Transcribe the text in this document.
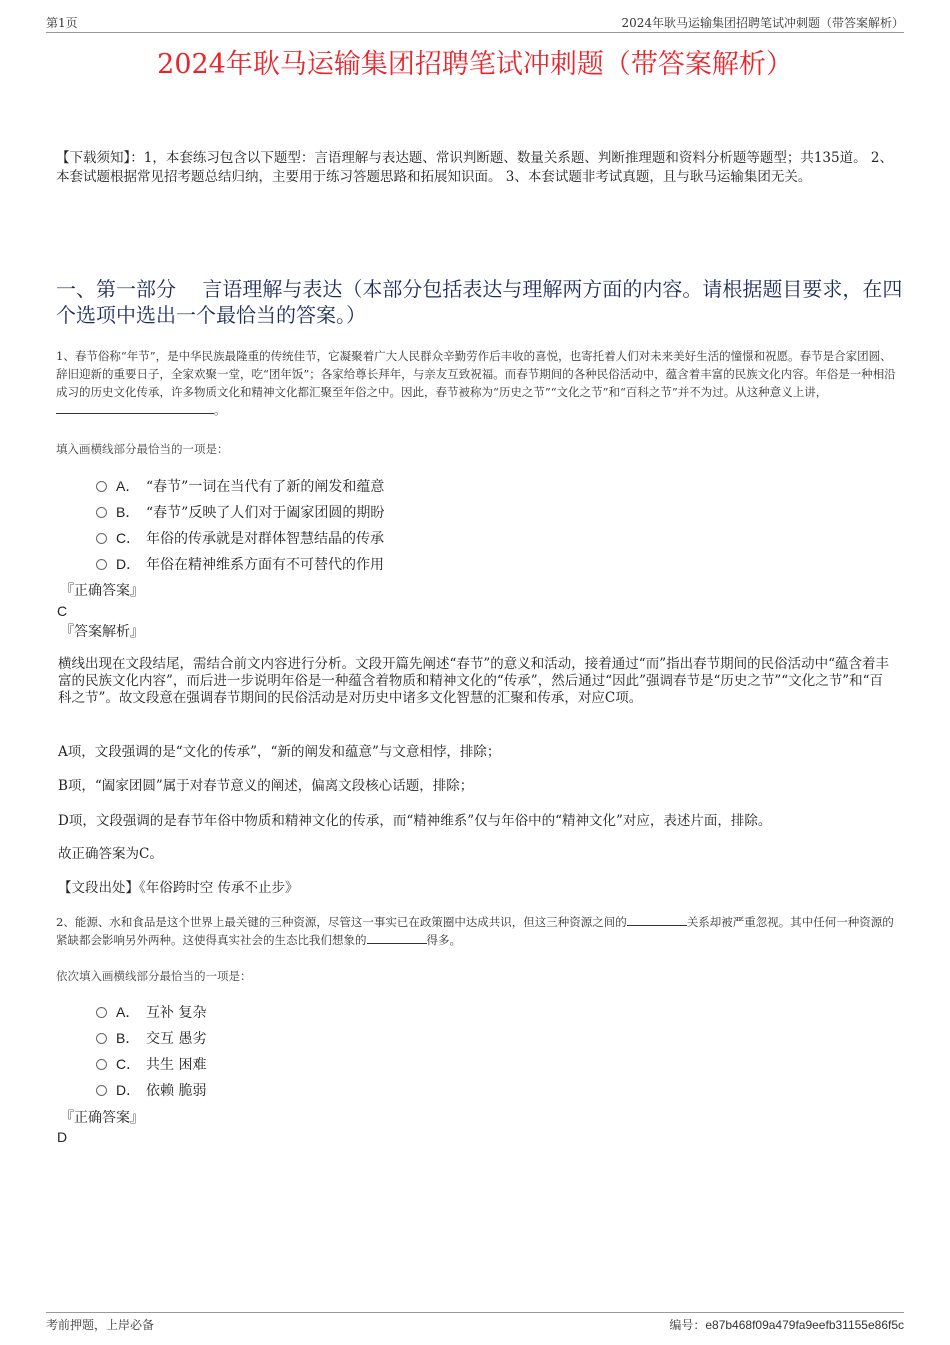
第1页	2024年耿马运输集团招聘笔试冲刺题（带答案解析）
2024年耿马运输集团招聘笔试冲刺题（带答案解析）
【下载须知】：1，本套练习包含以下题型：言语理解与表达题、常识判断题、数量关系题、判断推理题和资料分析题等题型；共135道。 2、本套试题根据常见招考题总结归纳，主要用于练习答题思路和拓展知识面。 3、本套试题非考试真题，且与耿马运输集团无关。
一、第一部分　 言语理解与表达（本部分包括表达与理解两方面的内容。请根据题目要求，在四个选项中选出一个最恰当的答案。）
1、春节俗称“年节”，是中华民族最隆重的传统佳节，它凝聚着广大人民群众辛勤劳作后丰收的喜悦，也寄托着人们对未来美好生活的憧憬和祝愿。春节是合家团圆、辞旧迎新的重要日子，全家欢聚一堂，吃“团年饭”；各家给尊长拜年，与亲友互致祝福。而春节期间的各种民俗活动中，蕴含着丰富的民族文化内容。年俗是一种相沿成习的历史文化传承，许多物质文化和精神文化都汇聚至年俗之中。因此，春节被称为“历史之节”“文化之节”和“百科之节”并不为过。从这种意义上讲，。
填入画横线部分最恰当的一项是：
A． “春节”一词在当代有了新的阐发和蕴意
B． “春节”反映了人们对于阖家团圆的期盼
C． 年俗的传承就是对群体智慧结晶的传承
D． 年俗在精神维系方面有不可替代的作用
『正确答案』
C
『答案解析』
横线出现在文段结尾，需结合前文内容进行分析。文段开篇先阐述“春节”的意义和活动，接着通过“而”指出春节期间的民俗活动中“蕴含着丰富的民族文化内容”，而后进一步说明年俗是一种蕴含着物质和精神文化的“传承”，然后通过“因此”强调春节是“历史之节”“文化之节”和“百科之节”。故文段意在强调春节期间的民俗活动是对历史中诸多文化智慧的汇聚和传承，对应C项。
A项，文段强调的是“文化的传承”，“新的阐发和蕴意”与文意相悖，排除；
B项，“阖家团圆”属于对春节意义的阐述，偏离文段核心话题，排除；
D项，文段强调的是春节年俗中物质和精神文化的传承，而“精神维系”仅与年俗中的“精神文化”对应，表述片面，排除。
故正确答案为C。
【文段出处】《年俗跨时空 传承不止步》
2、能源、水和食品是这个世界上最关键的三种资源，尽管这一事实已在政策圈中达成共识，但这三种资源之间的	关系却被严重忽视。其中任何一种资源的紧缺都会影响另外两种。这使得真实社会的生态比我们想象的	得多。
依次填入画横线部分最恰当的一项是：
A． 互补 复杂
B． 交互 愚劣
C． 共生 困难
D． 依赖 脆弱
『正确答案』
D
考前押题，上岸必备	编号：e87b468f09a479fa9eefb31155e86f5c
